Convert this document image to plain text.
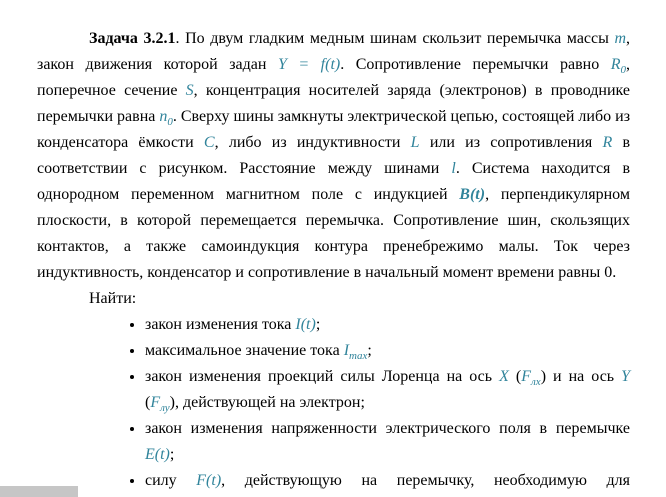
Задача 3.2.1. По двум гладким медным шинам скользит перемычка массы m, закон движения которой задан Y = f(t). Сопротивление перемычки равно $R_0$, поперечное сечение S, концентрация носителей заряда (электронов) в проводнике перемычки равна $n_0$. Сверху шины замкнуты электрической цепью, состоящей либо из конденсатора ёмкости C, либо из индуктивности L или из сопротивления R в соответствии с рисунком. Расстояние между шинами l. Система находится в однородном переменном магнитном поле с индукцией B(t), перпендикулярном плоскости, в которой перемещается перемычка. Сопротивление шин, скользящих контактов, а также самоиндукция контура пренебрежимо малы. Ток через индуктивность, конденсатор и сопротивление в начальный момент времени равны 0.

Найти:

• закон изменения тока I(t);
• максимальное значение тока $I_{max}$;
• закон изменения проекций силы Лоренца на ось X $(F_{лх})$ и на ось Y $(F_{лу})$, действующей на электрон;
• закон изменения напряженности электрического поля в перемычке E(t);
• силу F(t), действующую на перемычку, необходимую для
